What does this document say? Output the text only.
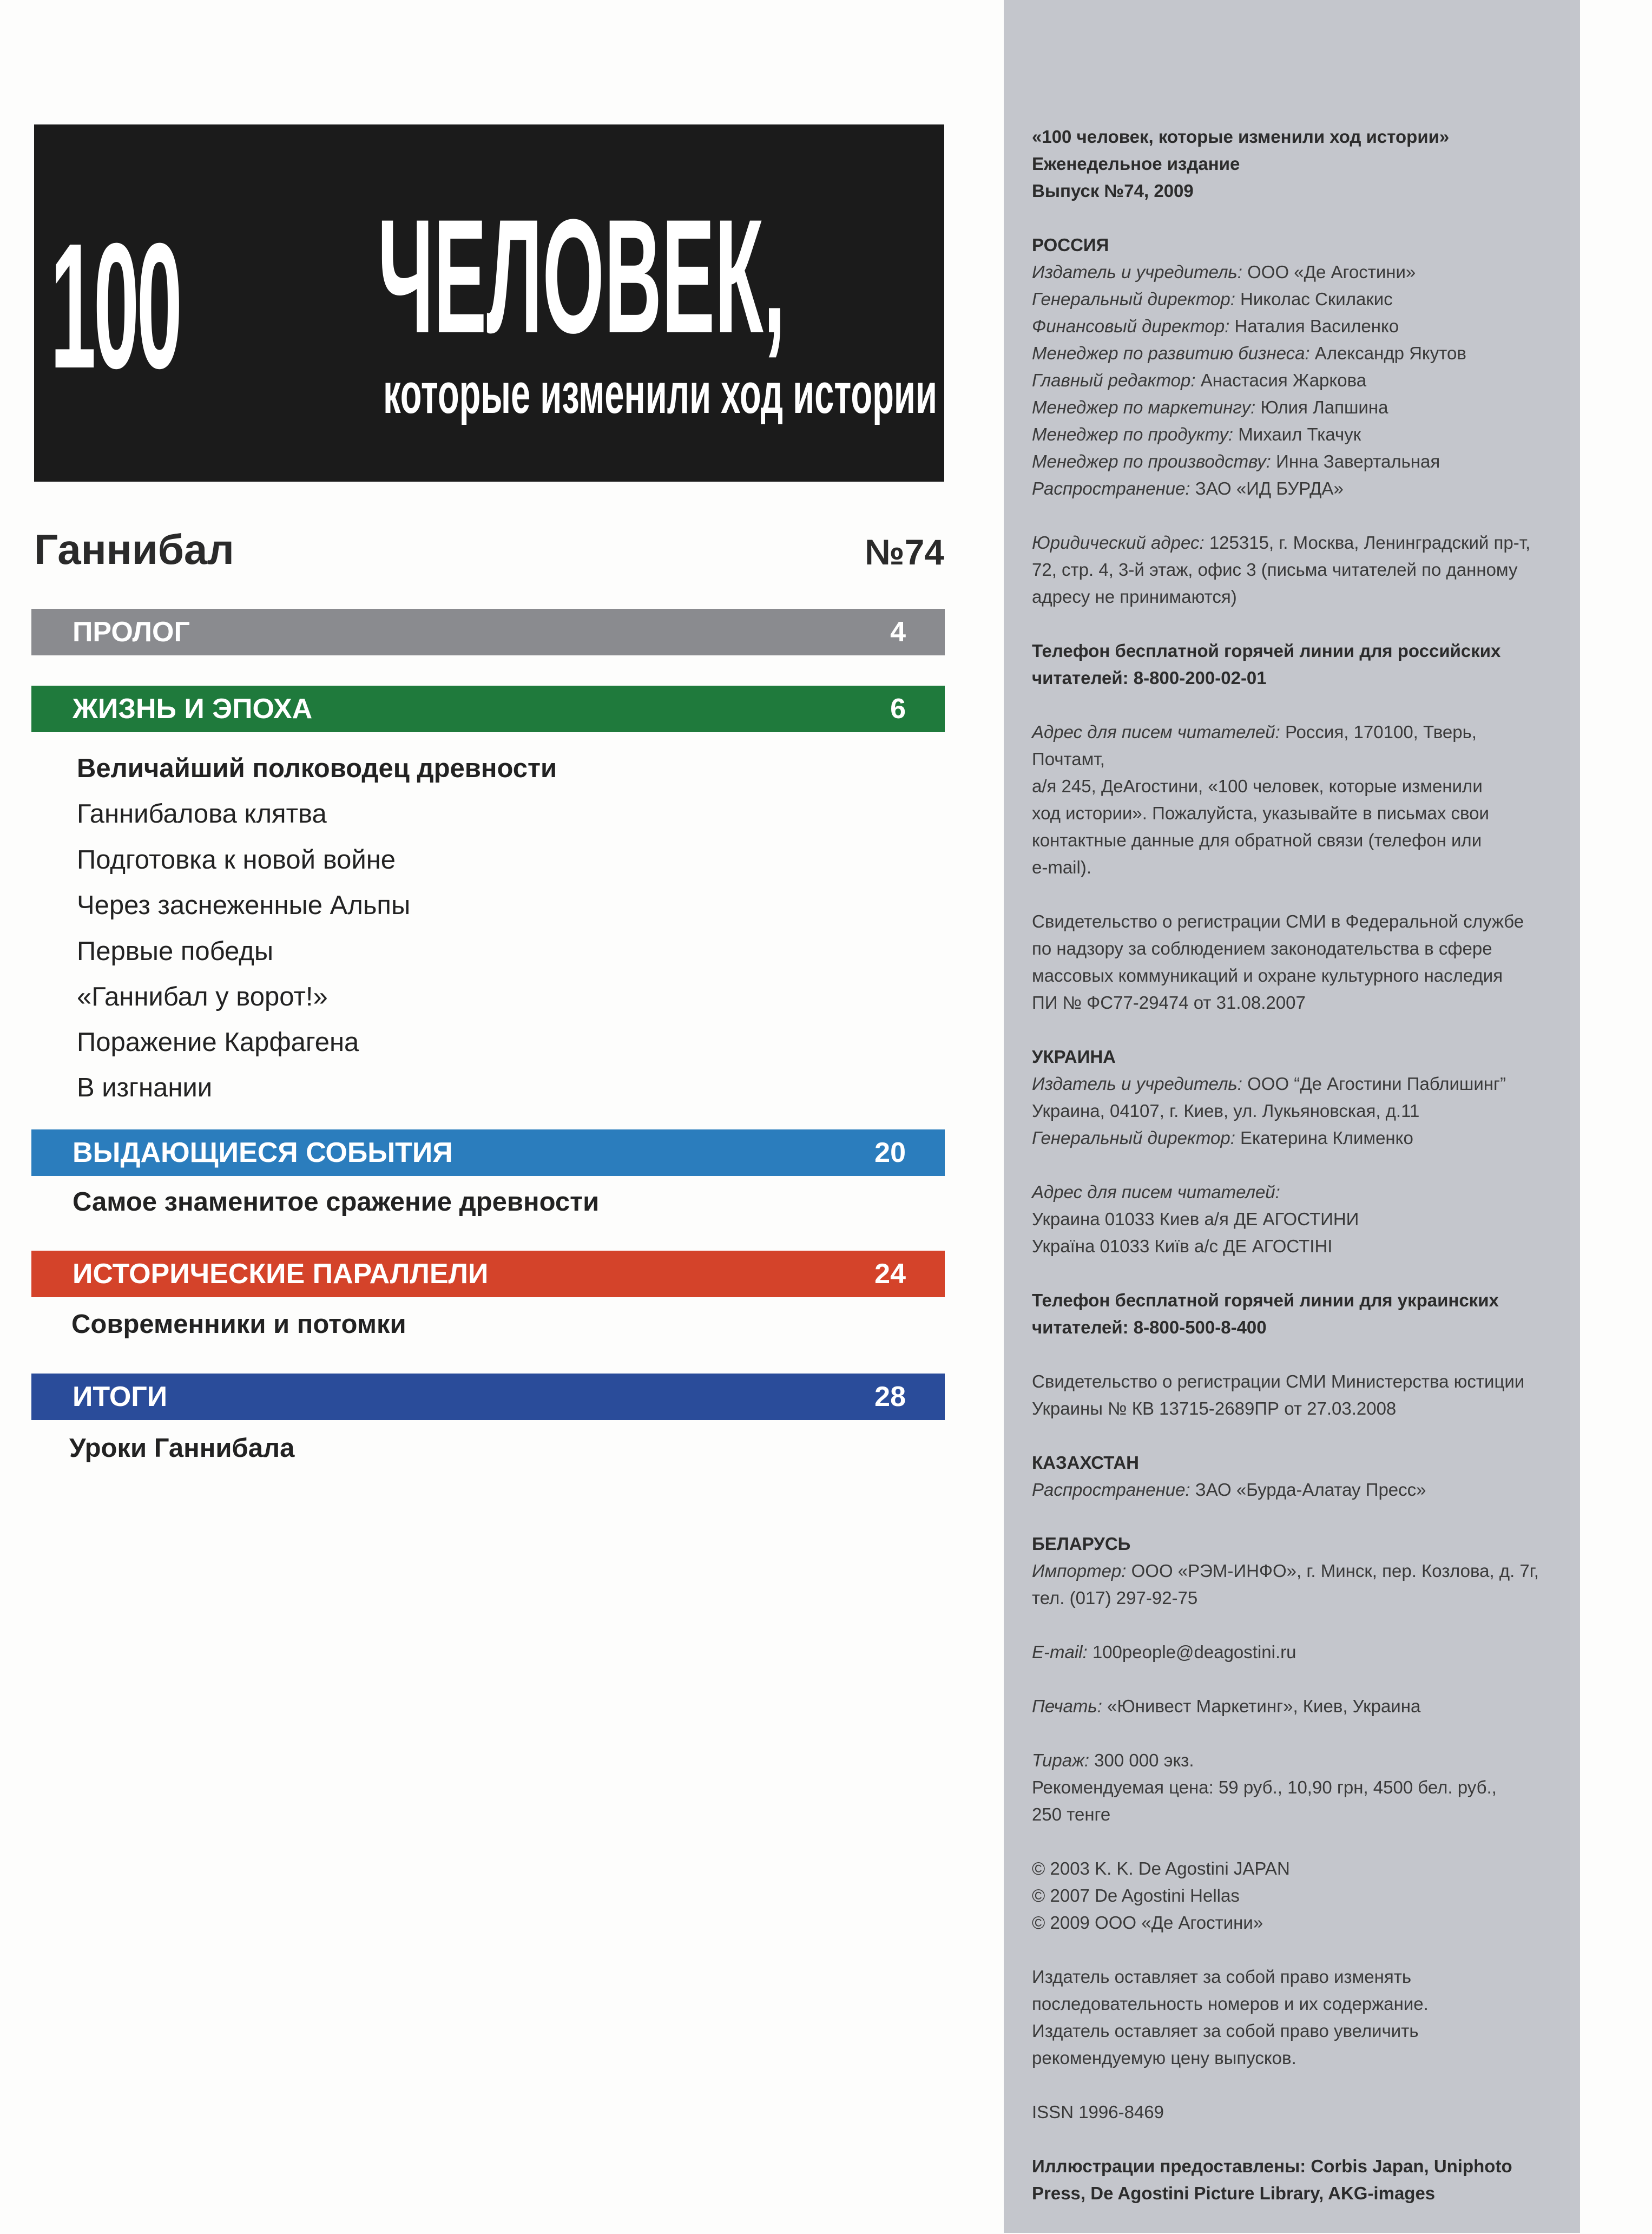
100 ЧЕЛОВЕК,
которые изменили ход истории
Ганнибал	№74
ПРОЛОГ	4
ЖИЗНЬ И ЭПОХА	6
Величайший полководец древности
Ганнибалова клятва
Подготовка к новой войне
Через заснеженные Альпы
Первые победы
«Ганнибал у ворот!»
Поражение Карфагена
В изгнании
ВЫДАЮЩИЕСЯ СОБЫТИЯ	20
Самое знаменитое сражение древности
ИСТОРИЧЕСКИЕ ПАРАЛЛЕЛИ	24
Современники и потомки
ИТОГИ	28
Уроки Ганнибала

«100 человек, которые изменили ход истории»
Еженедельное издание
Выпуск №74, 2009

РОССИЯ
Издатель и учредитель: ООО «Де Агостини»
Генеральный директор: Николас Скилакис
Финансовый директор: Наталия Василенко
Менеджер по развитию бизнеса: Александр Якутов
Главный редактор: Анастасия Жаркова
Менеджер по маркетингу: Юлия Лапшина
Менеджер по продукту: Михаил Ткачук
Менеджер по производству: Инна Завертальная
Распространение: ЗАО «ИД БУРДА»

Юридический адрес: 125315, г. Москва, Ленинградский пр-т,
72, стр. 4, 3-й этаж, офис 3 (письма читателей по данному
адресу не принимаются)

Телефон бесплатной горячей линии для российских
читателей: 8-800-200-02-01

Адрес для писем читателей: Россия, 170100, Тверь, Почтамт,
а/я 245, ДеАгостини, «100 человек, которые изменили
ход истории». Пожалуйста, указывайте в письмах свои
контактные данные для обратной связи (телефон или
e-mail).

Свидетельство о регистрации СМИ в Федеральной службе
по надзору за соблюдением законодательства в сфере
массовых коммуникаций и охране культурного наследия
ПИ № ФС77-29474 от 31.08.2007

УКРАИНА
Издатель и учредитель: ООО “Де Агостини Паблишинг”
Украина, 04107, г. Киев, ул. Лукьяновская, д.11
Генеральный директор: Екатерина Клименко

Адрес для писем читателей:
Украина 01033 Киев а/я ДЕ АГОСТИНИ
Україна 01033 Київ а/с ДЕ АГОСТІНІ

Телефон бесплатной горячей линии для украинских
читателей: 8-800-500-8-400

Свидетельство о регистрации СМИ Министерства юстиции
Украины № КВ 13715-2689ПР от 27.03.2008

КАЗАХСТАН
Распространение: ЗАО «Бурда-Алатау Пресс»

БЕЛАРУСЬ
Импортер: ООО «РЭМ-ИНФО», г. Минск, пер. Козлова, д. 7г,
тел. (017) 297-92-75

E-mail: 100people@deagostini.ru

Печать: «Юнивест Маркетинг», Киев, Украина

Тираж: 300 000 экз.
Рекомендуемая цена: 59 руб., 10,90 грн, 4500 бел. руб.,
250 тенге

© 2003 K. K. De Agostini JAPAN
© 2007 De Agostini Hellas
© 2009 ООО «Де Агостини»

Издатель оставляет за собой право изменять
последовательность номеров и их содержание.
Издатель оставляет за собой право увеличить
рекомендуемую цену выпусков.

ISSN 1996-8469

Иллюстрации предоставлены: Corbis Japan, Uniphoto
Press, De Agostini Picture Library, AKG-images
